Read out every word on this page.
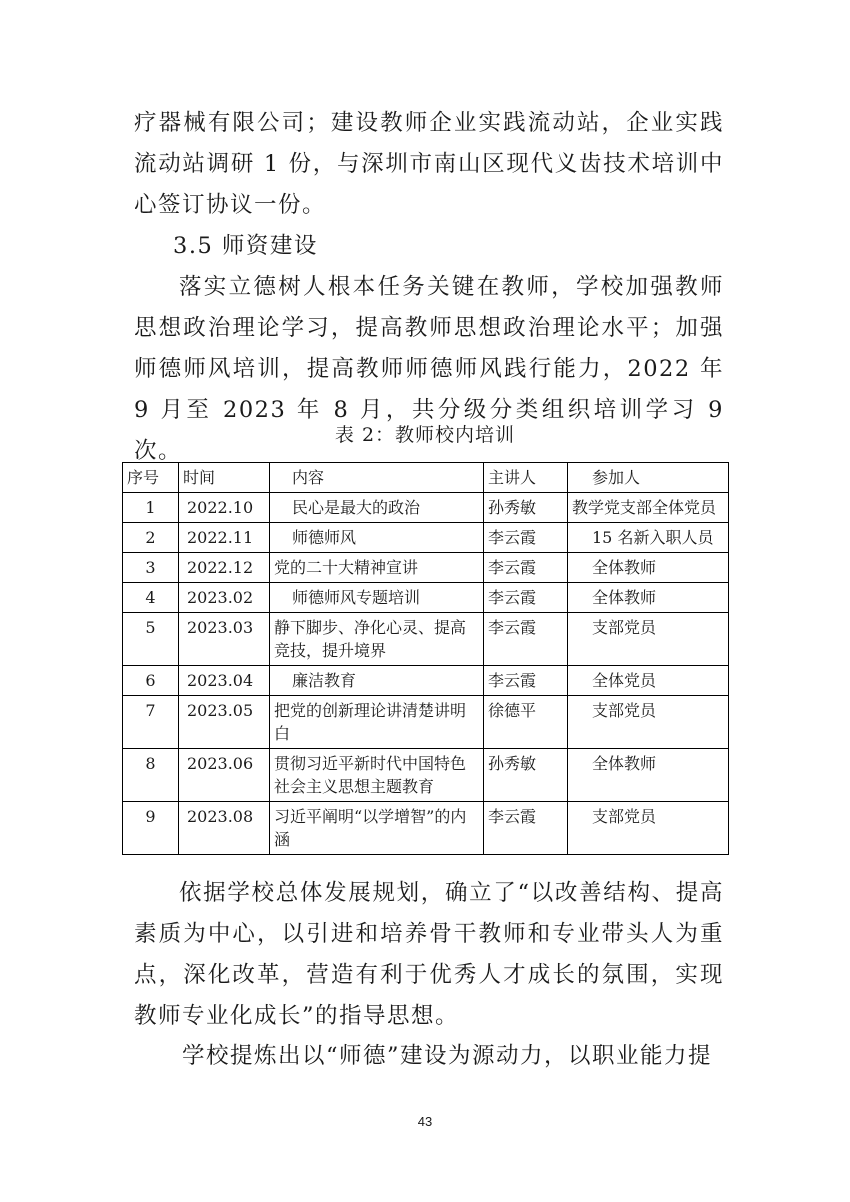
疗器械有限公司；建设教师企业实践流动站，企业实践流动站调研 1 份，与深圳市南山区现代义齿技术培训中心签订协议一份。

3.5 师资建设

落实立德树人根本任务关键在教师，学校加强教师思想政治理论学习，提高教师思想政治理论水平；加强师德师风培训，提高教师师德师风践行能力，2022 年 9 月至 2023 年 8 月，共分级分类组织培训学习 9 次。

表 2：教师校内培训

序号	时间	内容	主讲人	参加人
1	2022.10	民心是最大的政治	孙秀敏	教学党支部全体党员
2	2022.11	师德师风	李云霞	15 名新入职人员
3	2022.12	党的二十大精神宣讲	李云霞	全体教师
4	2023.02	师德师风专题培训	李云霞	全体教师
5	2023.03	静下脚步、净化心灵、提高竞技，提升境界	李云霞	支部党员
6	2023.04	廉洁教育	李云霞	全体党员
7	2023.05	把党的创新理论讲清楚讲明白	徐德平	支部党员
8	2023.06	贯彻习近平新时代中国特色社会主义思想主题教育	孙秀敏	全体教师
9	2023.08	习近平阐明“以学增智”的内涵	李云霞	支部党员

依据学校总体发展规划，确立了“以改善结构、提高素质为中心，以引进和培养骨干教师和专业带头人为重点，深化改革，营造有利于优秀人才成长的氛围，实现教师专业化成长”的指导思想。

学校提炼出以“师德”建设为源动力，以职业能力提

43
